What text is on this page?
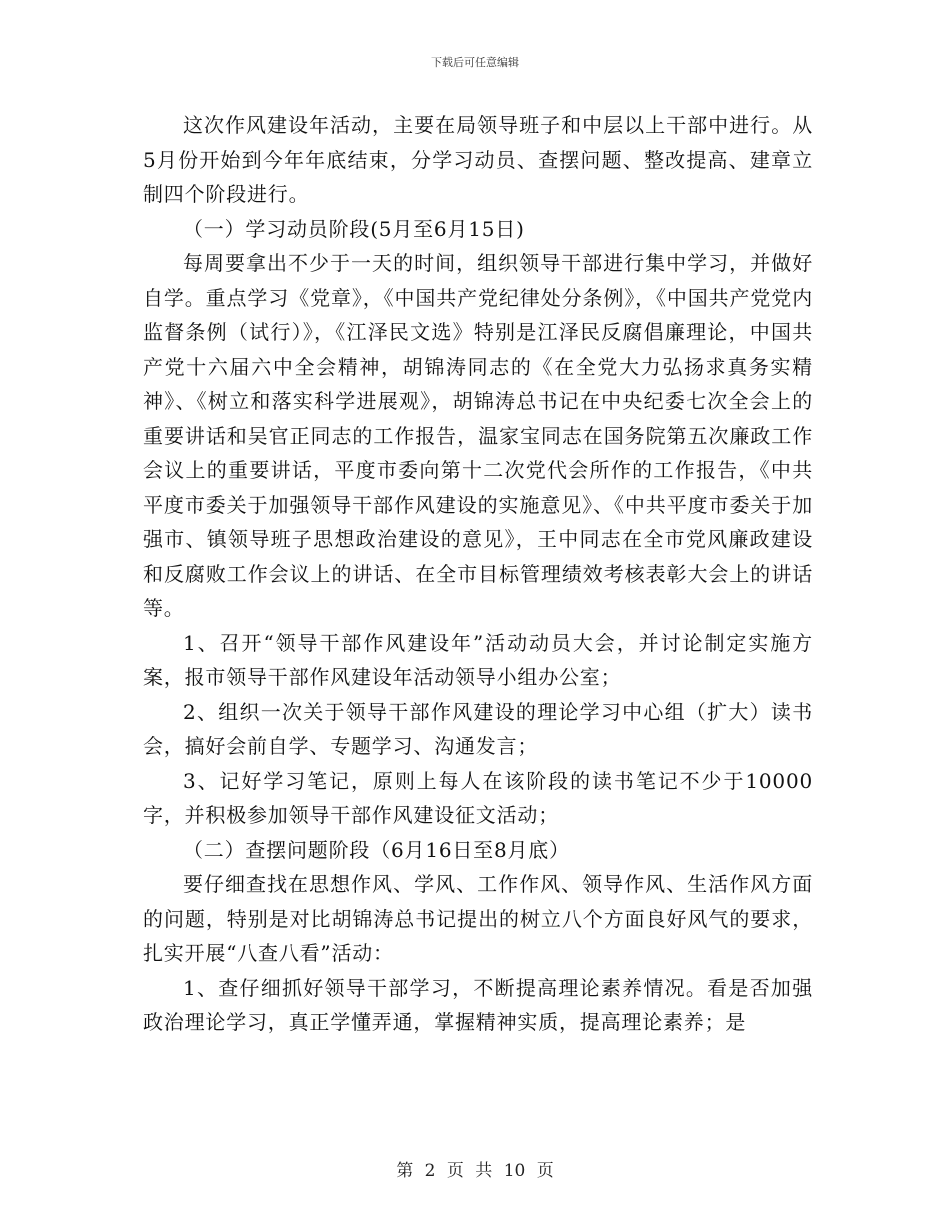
下载后可任意编辑

这次作风建设年活动，主要在局领导班子和中层以上干部中进行。从5月份开始到今年年底结束，分学习动员、查摆问题、整改提高、建章立制四个阶段进行。

（一）学习动员阶段(5月至6月15日)

每周要拿出不少于一天的时间，组织领导干部进行集中学习，并做好自学。重点学习《党章》，《中国共产党纪律处分条例》，《中国共产党党内监督条例（试行）》，《江泽民文选》特别是江泽民反腐倡廉理论，中国共产党十六届六中全会精神，胡锦涛同志的《在全党大力弘扬求真务实精神》、《树立和落实科学进展观》，胡锦涛总书记在中央纪委七次全会上的重要讲话和吴官正同志的工作报告，温家宝同志在国务院第五次廉政工作会议上的重要讲话，平度市委向第十二次党代会所作的工作报告，《中共平度市委关于加强领导干部作风建设的实施意见》、《中共平度市委关于加强市、镇领导班子思想政治建设的意见》，王中同志在全市党风廉政建设和反腐败工作会议上的讲话、在全市目标管理绩效考核表彰大会上的讲话等。

1、召开“领导干部作风建设年”活动动员大会，并讨论制定实施方案，报市领导干部作风建设年活动领导小组办公室；

2、组织一次关于领导干部作风建设的理论学习中心组（扩大）读书会，搞好会前自学、专题学习、沟通发言；

3、记好学习笔记，原则上每人在该阶段的读书笔记不少于10000字，并积极参加领导干部作风建设征文活动；

（二）查摆问题阶段（6月16日至8月底）

要仔细查找在思想作风、学风、工作作风、领导作风、生活作风方面的问题，特别是对比胡锦涛总书记提出的树立八个方面良好风气的要求，扎实开展“八查八看”活动：

1、查仔细抓好领导干部学习，不断提高理论素养情况。看是否加强政治理论学习，真正学懂弄通，掌握精神实质，提高理论素养；是

第 2 页 共 10 页
